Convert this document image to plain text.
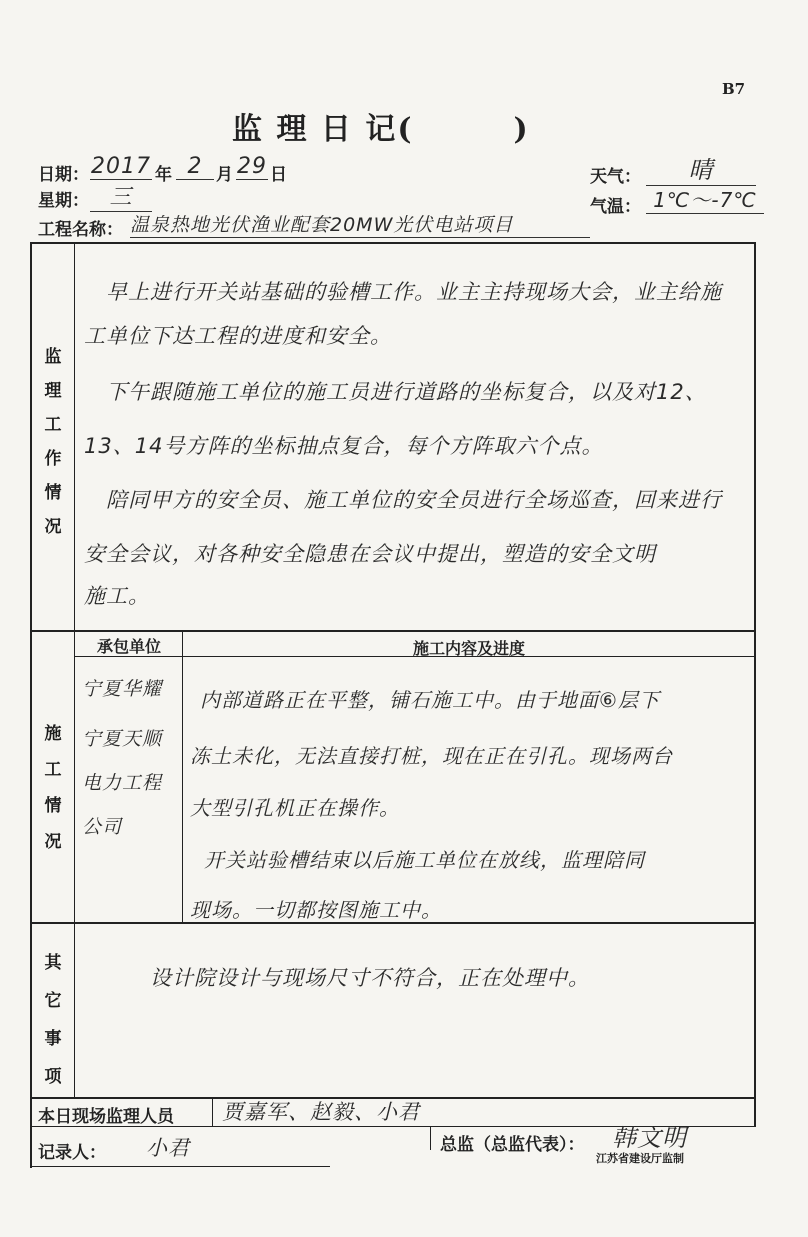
B7
监 理 日 记(	)
日期： 2017 年 2 月 29 日
星期： 三
天气：	晴
气温： 1℃～-7℃
工程名称： 温泉热地光伏渔业配套20MW光伏电站项目
监
理
工
作
情
况

早上进行开关站基础的验槽工作。业主主持现场大会，业主给施

工单位下达工程的进度和安全。

下午跟随施工单位的施工员进行道路的坐标复合，以及对12、

13、14号方阵的坐标抽点复合，每个方阵取六个点。

陪同甲方的安全员、施工单位的安全员进行全场巡查，回来进行

安全会议，对各种安全隐患在会议中提出，塑造的安全文明

施工。

施
工
情
况
承包单位	施工内容及进度
宁夏华耀
宁夏天顺
电力工程
公司

内部道路正在平整，铺石施工中。由于地面⑥层下

冻土未化，无法直接打桩，现在正在引孔。现场两台

大型引孔机正在操作。

开关站验槽结束以后施工单位在放线，监理陪同

现场。一切都按图施工中。

其
它
事
项
设计院设计与现场尺寸不符合，正在处理中。
本日现场监理人员 贾嘉军、赵毅、小君
记录人： 小君	总监（总监代表）： 韩文明
江苏省建设厅监制
